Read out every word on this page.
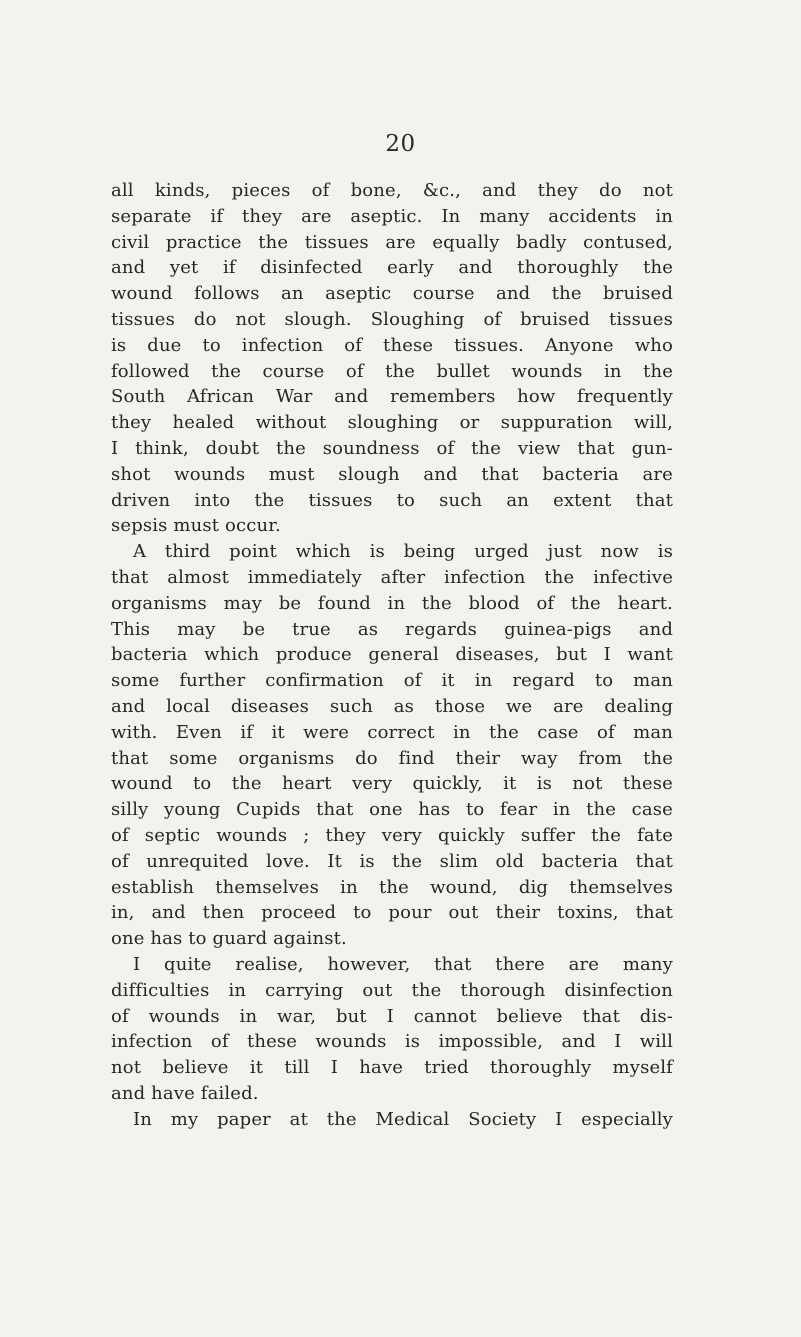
20
all kinds, pieces of bone, &c., and they do not
separate if they are aseptic. In many accidents in
civil practice the tissues are equally badly contused,
and yet if disinfected early and thoroughly the
wound follows an aseptic course and the bruised
tissues do not slough. Sloughing of bruised tissues
is due to infection of these tissues. Anyone who
followed the course of the bullet wounds in the
South African War and remembers how frequently
they healed without sloughing or suppuration will,
I think, doubt the soundness of the view that gun-
shot wounds must slough and that bacteria are
driven into the tissues to such an extent that
sepsis must occur.
A third point which is being urged just now is
that almost immediately after infection the infective
organisms may be found in the blood of the heart.
This may be true as regards guinea-pigs and
bacteria which produce general diseases, but I want
some further confirmation of it in regard to man
and local diseases such as those we are dealing
with. Even if it were correct in the case of man
that some organisms do find their way from the
wound to the heart very quickly, it is not these
silly young Cupids that one has to fear in the case
of septic wounds ; they very quickly suffer the fate
of unrequited love. It is the slim old bacteria that
establish themselves in the wound, dig themselves
in, and then proceed to pour out their toxins, that
one has to guard against.
I quite realise, however, that there are many
difficulties in carrying out the thorough disinfection
of wounds in war, but I cannot believe that dis-
infection of these wounds is impossible, and I will
not believe it till I have tried thoroughly myself
and have failed.
In my paper at the Medical Society I especially
